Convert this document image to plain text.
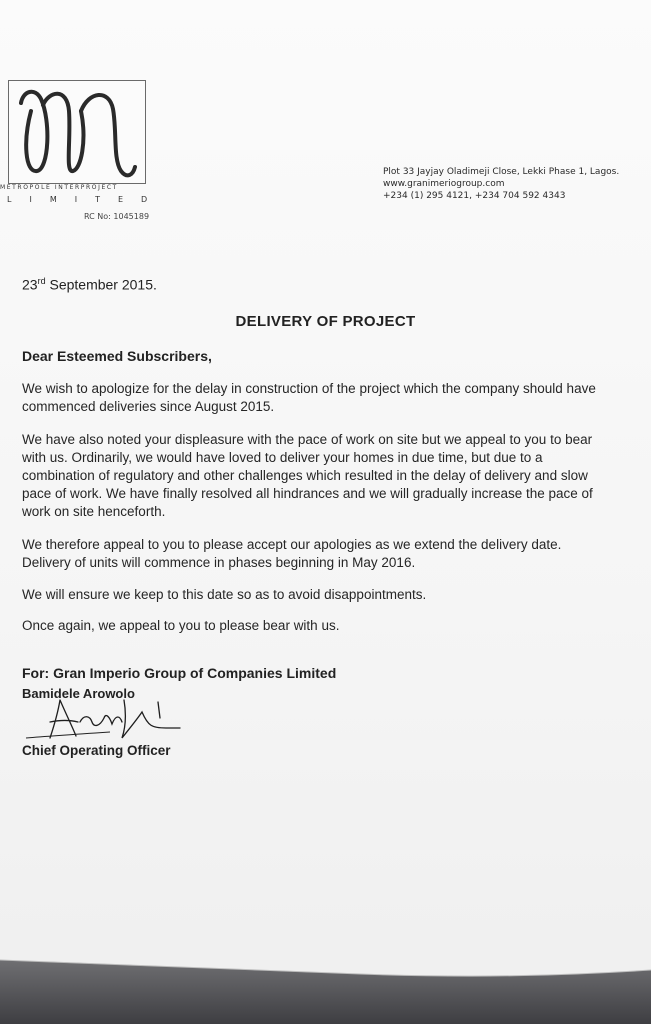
METROPOLE INTERPROJECT
LIMITED
RC No: 1045189
Plot 33 Jayjay Oladimeji Close, Lekki Phase 1, Lagos.
www.granimeriogroup.com
+234 (1) 295 4121, +234 704 592 4343
23rd September 2015.
DELIVERY OF PROJECT
Dear Esteemed Subscribers,

We wish to apologize for the delay in construction of the project which the company should have commenced deliveries since August 2015.

We have also noted your displeasure with the pace of work on site but we appeal to you to bear with us. Ordinarily, we would have loved to deliver your homes in due time, but due to a combination of regulatory and other challenges which resulted in the delay of delivery and slow pace of work. We have finally resolved all hindrances and we will gradually increase the pace of work on site henceforth.

We therefore appeal to you to please accept our apologies as we extend the delivery date. Delivery of units will commence in phases beginning in May 2016.

We will ensure we keep to this date so as to avoid disappointments.

Once again, we appeal to you to please bear with us.

For: Gran Imperio Group of Companies Limited
Bamidele Arowolo
Chief Operating Officer
